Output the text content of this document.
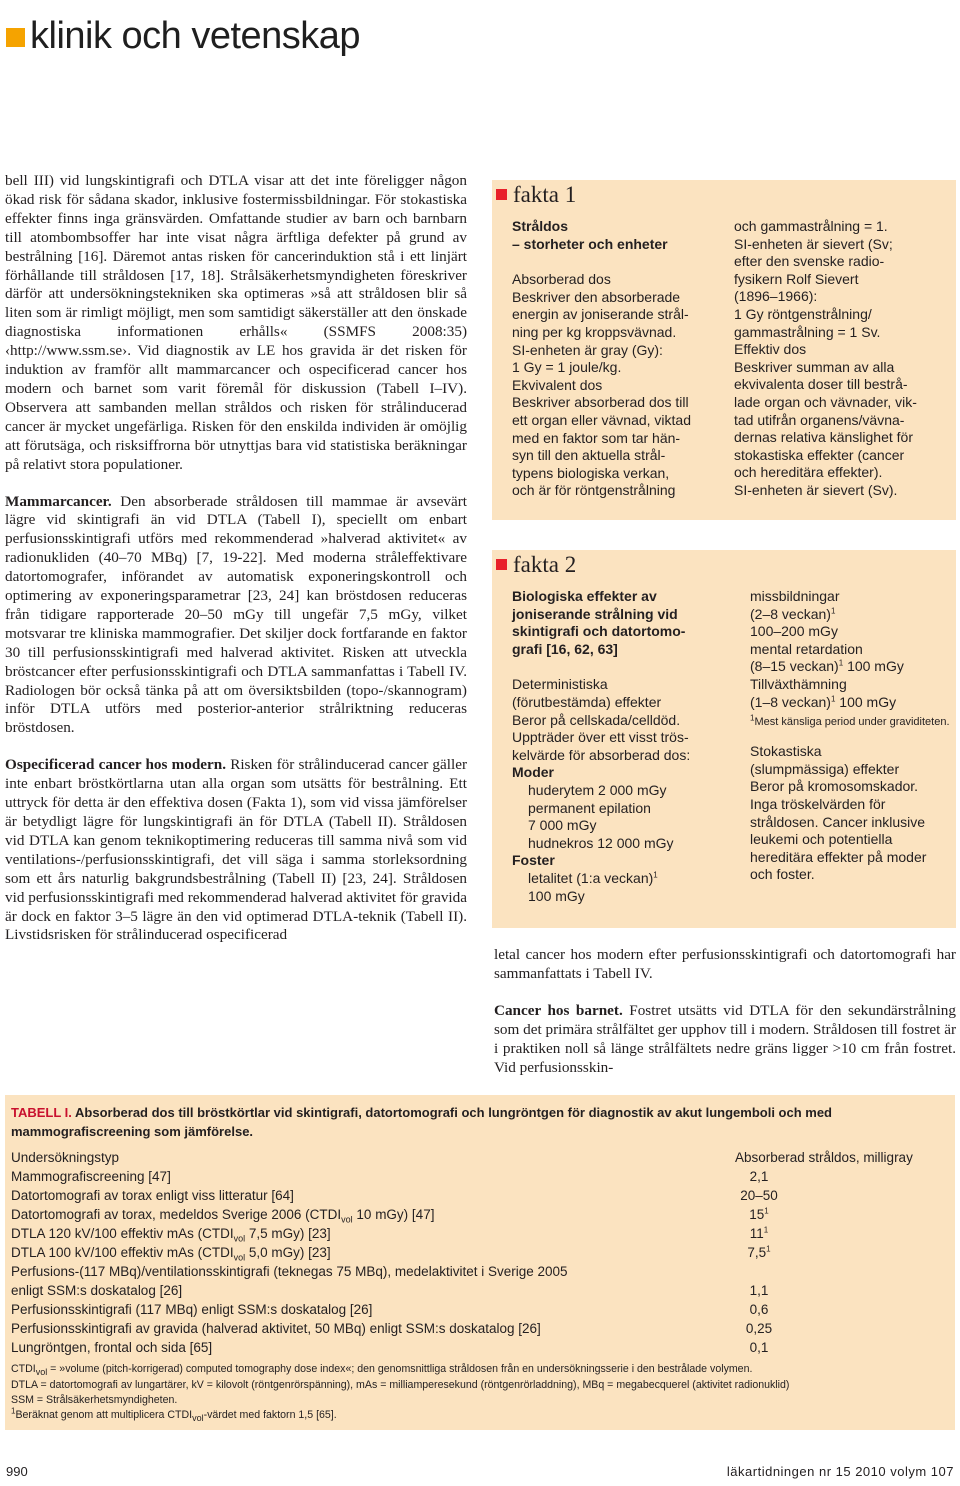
klinik och vetenskap

bell III) vid lungskintigrafi och DTLA visar att det inte föreligger någon ökad risk för sådana skador, inklusive fostermissbildningar. För stokastiska effekter finns inga gränsvärden. Omfattande studier av barn och barnbarn till atombombsoffer har inte visat några ärftliga defekter på grund av bestrålning [16]. Däremot antas risken för cancerinduktion stå i ett linjärt förhållande till stråldosen [17, 18]. Strålsäkerhetsmyndigheten föreskriver därför att undersökningstekniken ska optimeras »så att stråldosen blir så liten som är rimligt möjligt, men som samtidigt säkerställer att den önskade diagnostiska informationen erhålls« (SSMFS 2008:35) ‹http://www.ssm.se›. Vid diagnostik av LE hos gravida är det risken för induktion av framför allt mammarcancer och ospecificerad cancer hos modern och barnet som varit föremål för diskussion (Tabell I–IV). Observera att sambanden mellan stråldos och risken för strålinducerad cancer är mycket ungefärliga. Risken för den enskilda individen är omöjlig att förutsäga, och risksiffrorna bör utnyttjas bara vid statistiska beräkningar på relativt stora populationer.

Mammarcancer. Den absorberade stråldosen till mammae är avsevärt lägre vid skintigrafi än vid DTLA (Tabell I), speciellt om enbart perfusionsskintigrafi utförs med rekommenderad »halverad aktivitet« av radionukliden (40–70 MBq) [7, 19-22]. Med moderna stråleffektivare datortomografer, införandet av automatisk exponeringskontroll och optimering av exponeringsparametrar [23, 24] kan bröstdosen reduceras från tidigare rapporterade 20–50 mGy till ungefär 7,5 mGy, vilket motsvarar tre kliniska mammografier. Det skiljer dock fortfarande en faktor 30 till perfusionsskintigrafi med halverad aktivitet. Risken att utveckla bröstcancer efter perfusionsskintigrafi och DTLA sammanfattas i Tabell IV. Radiologen bör också tänka på att om översiktsbilden (topo-/skannogram) inför DTLA utförs med posterior-anterior strålriktning reduceras bröstdosen.

Ospecificerad cancer hos modern. Risken för strålinducerad cancer gäller inte enbart bröstkörtlarna utan alla organ som utsätts för bestrålning. Ett uttryck för detta är den effektiva dosen (Fakta 1), som vid vissa jämförelser är betydligt lägre för lungskintigrafi än för DTLA (Tabell II). Stråldosen vid DTLA kan genom teknikoptimering reduceras till samma nivå som vid ventilations-/perfusionsskintigrafi, det vill säga i samma storleksordning som ett års naturlig bakgrundsbestrålning (Tabell II) [23, 24]. Stråldosen vid perfusionsskintigrafi med rekommenderad halverad aktivitet för gravida är dock en faktor 3–5 lägre än den vid optimerad DTLA-teknik (Tabell II). Livstidsrisken för strålinducerad ospecificerad

fakta 1
Stråldos
– storheter och enheter
Absorberad dos
Beskriver den absorberade
energin av joniserande strål-
ning per kg kroppsvävnad.
SI-enheten är gray (Gy):
1 Gy = 1 joule/kg.
Ekvivalent dos
Beskriver absorberad dos till
ett organ eller vävnad, viktad
med en faktor som tar hän-
syn till den aktuella strål-
typens biologiska verkan,
och är för röntgenstrålning
och gammastrålning = 1.
SI-enheten är sievert (Sv;
efter den svenske radio-
fysikern Rolf Sievert
(1896–1966):
1 Gy röntgenstrålning/
gammastrålning = 1 Sv.
Effektiv dos
Beskriver summan av alla
ekvivalenta doser till bestrå-
lade organ och vävnader, vik-
tad utifrån organens/vävna-
dernas relativa känslighet för
stokastiska effekter (cancer
och hereditära effekter).
SI-enheten är sievert (Sv).
fakta 2
Biologiska effekter av
joniserande strålning vid
skintigrafi och datortomo-
grafi [16, 62, 63]
Deterministiska
(förutbestämda) effekter
Beror på cellskada/celldöd.
Uppträder över ett visst trös-
kelvärde för absorberad dos:
Moder
huderytem 2 000 mGy
permanent epilation
7 000 mGy
hudnekros 12 000 mGy
Foster
letalitet (1:a veckan)$^1$
100 mGy
missbildningar
(2–8 veckan)$^1$
100–200 mGy
mental retardation
(8–15 veckan)$^1$ 100 mGy
Tillväxthämning
(1–8 veckan)$^1$ 100 mGy
$^1$Mest känsliga period under graviditeten.
Stokastiska
(slumpmässiga) effekter
Beror på kromosomskador.
Inga tröskelvärden för
stråldosen. Cancer inklusive
leukemi och potentiella
hereditära effekter på moder
och foster.

letal cancer hos modern efter perfusionsskintigrafi och datortomografi har sammanfattats i Tabell IV.

Cancer hos barnet. Fostret utsätts vid DTLA för den sekundärstrålning som det primära strålfältet ger upphov till i modern. Stråldosen till fostret är i praktiken noll så länge strålfältets nedre gräns ligger >10 cm från fostret. Vid perfusionsskin-

TABELL I. Absorberad dos till bröstkörtlar vid skintigrafi, datortomografi och lungröntgen för diagnostik av akut lungemboli och med mammografiscreening som jämförelse.
Undersökningstyp	Absorberad stråldos, milligray
Mammografiscreening [47]	2,1
Datortomografi av torax enligt viss litteratur [64]	20–50
Datortomografi av torax, medeldos Sverige 2006 ($CTDI_{vol}$ 10 mGy) [47]	$15^1$
DTLA 120 kV/100 effektiv mAs ($CTDI_{vol}$ 7,5 mGy) [23]	$11^1$
DTLA 100 kV/100 effektiv mAs ($CTDI_{vol}$ 5,0 mGy) [23]	$7,5^1$
Perfusions-(117 MBq)/ventilationsskintigrafi (teknegas 75 MBq), medelaktivitet i Sverige 2005
enligt SSM:s doskatalog [26]	1,1
Perfusionsskintigrafi (117 MBq) enligt SSM:s doskatalog [26]	0,6
Perfusionsskintigrafi av gravida (halverad aktivitet, 50 MBq) enligt SSM:s doskatalog [26]	0,25
Lungröntgen, frontal och sida [65]	0,1
$CTDI_{vol}$ = »volume (pitch-korrigerad) computed tomography dose index«; den genomsnittliga stråldosen från en undersökningsserie i den bestrålade volymen.
DTLA = datortomografi av lungartärer, kV = kilovolt (röntgenrörspänning), mAs = milliamperesekund (röntgenrörladdning), MBq = megabecquerel (aktivitet radionuklid)
SSM = Strålsäkerhetsmyndigheten.
$^1$Beräknat genom att multiplicera $CTDI_{vol}$-värdet med faktorn 1,5 [65].
990	läkartidningen nr 15 2010 volym 107
